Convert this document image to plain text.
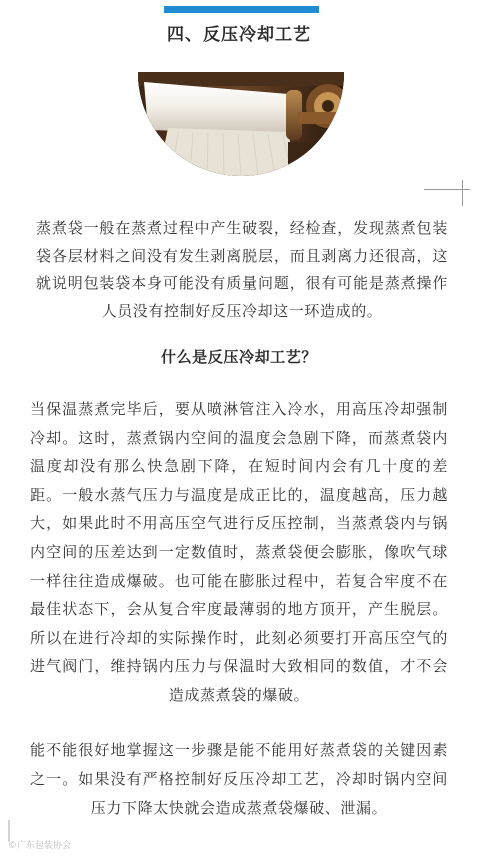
四、反压冷却工艺
蒸煮袋一般在蒸煮过程中产生破裂，经检查，发现蒸煮包装袋各层材料之间没有发生剥离脱层，而且剥离力还很高，这就说明包装袋本身可能没有质量问题，很有可能是蒸煮操作人员没有控制好反压冷却这一环造成的。
什么是反压冷却工艺？
当保温蒸煮完毕后，要从喷淋管注入冷水，用高压冷却强制冷却。这时，蒸煮锅内空间的温度会急剧下降，而蒸煮袋内温度却没有那么快急剧下降，在短时间内会有几十度的差距。一般水蒸气压力与温度是成正比的，温度越高，压力越大，如果此时不用高压空气进行反压控制，当蒸煮袋内与锅内空间的压差达到一定数值时，蒸煮袋便会膨胀，像吹气球一样往往造成爆破。也可能在膨胀过程中，若复合牢度不在最佳状态下，会从复合牢度最薄弱的地方顶开，产生脱层。所以在进行冷却的实际操作时，此刻必须要打开高压空气的进气阀门，维持锅内压力与保温时大致相同的数值，才不会造成蒸煮袋的爆破。
能不能很好地掌握这一步骤是能不能用好蒸煮袋的关键因素之一。如果没有严格控制好反压冷却工艺，冷却时锅内空间压力下降太快就会造成蒸煮袋爆破、泄漏。
©广东包装协会
